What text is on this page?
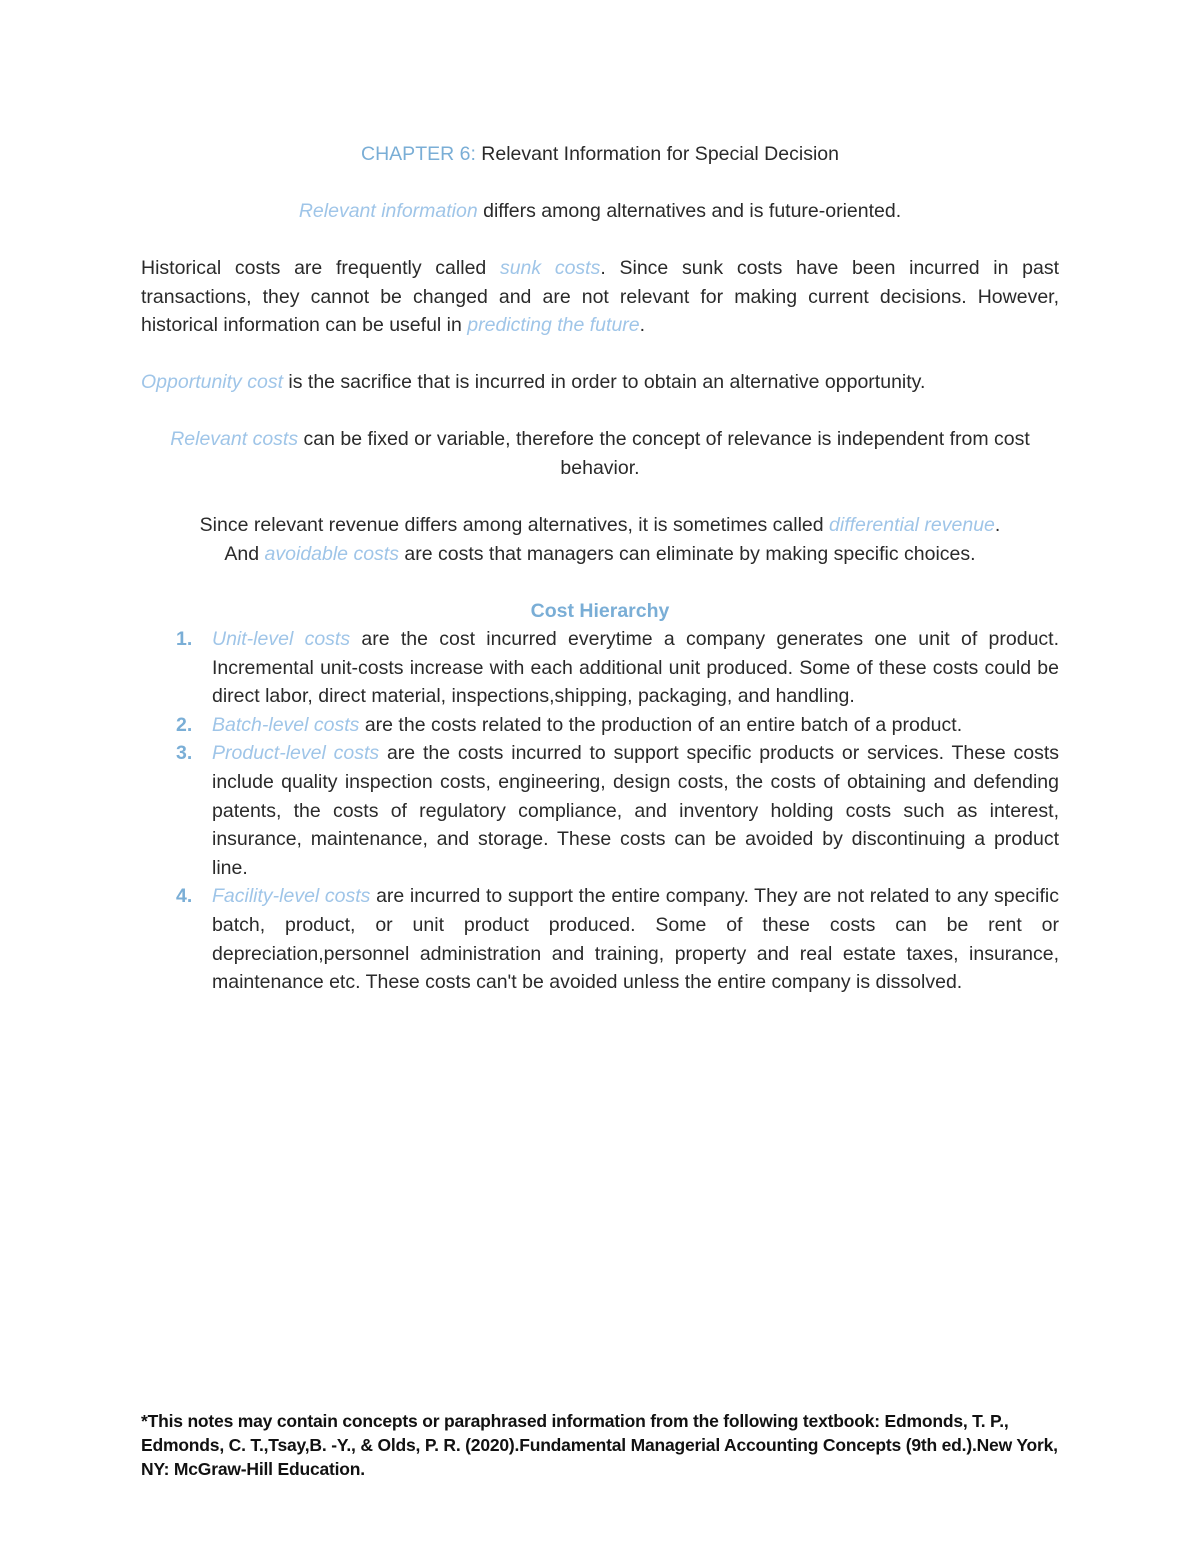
CHAPTER 6: Relevant Information for Special Decision

Relevant information differs among alternatives and is future-oriented.

Historical costs are frequently called sunk costs. Since sunk costs have been incurred in past transactions, they cannot be changed and are not relevant for making current decisions. However, historical information can be useful in predicting the future.

Opportunity cost is the sacrifice that is incurred in order to obtain an alternative opportunity.

Relevant costs can be fixed or variable, therefore the concept of relevance is independent from cost behavior.

Since relevant revenue differs among alternatives, it is sometimes called differential revenue.
And avoidable costs are costs that managers can eliminate by making specific choices.

Cost Hierarchy

1. Unit-level costs are the cost incurred everytime a company generates one unit of product. Incremental unit-costs increase with each additional unit produced. Some of these costs could be direct labor, direct material, inspections,shipping, packaging, and handling.
2. Batch-level costs are the costs related to the production of an entire batch of a product.
3. Product-level costs are the costs incurred to support specific products or services. These costs include quality inspection costs, engineering, design costs, the costs of obtaining and defending patents, the costs of regulatory compliance, and inventory holding costs such as interest, insurance, maintenance, and storage. These costs can be avoided by discontinuing a product line.
4. Facility-level costs are incurred to support the entire company. They are not related to any specific batch, product, or unit product produced. Some of these costs can be rent or depreciation,personnel administration and training, property and real estate taxes, insurance, maintenance etc. These costs can't be avoided unless the entire company is dissolved.

*This notes may contain concepts or paraphrased information from the following textbook: Edmonds, T. P., Edmonds, C. T.,Tsay,B. -Y., & Olds, P. R. (2020).Fundamental Managerial Accounting Concepts (9th ed.).New York, NY: McGraw-Hill Education.
